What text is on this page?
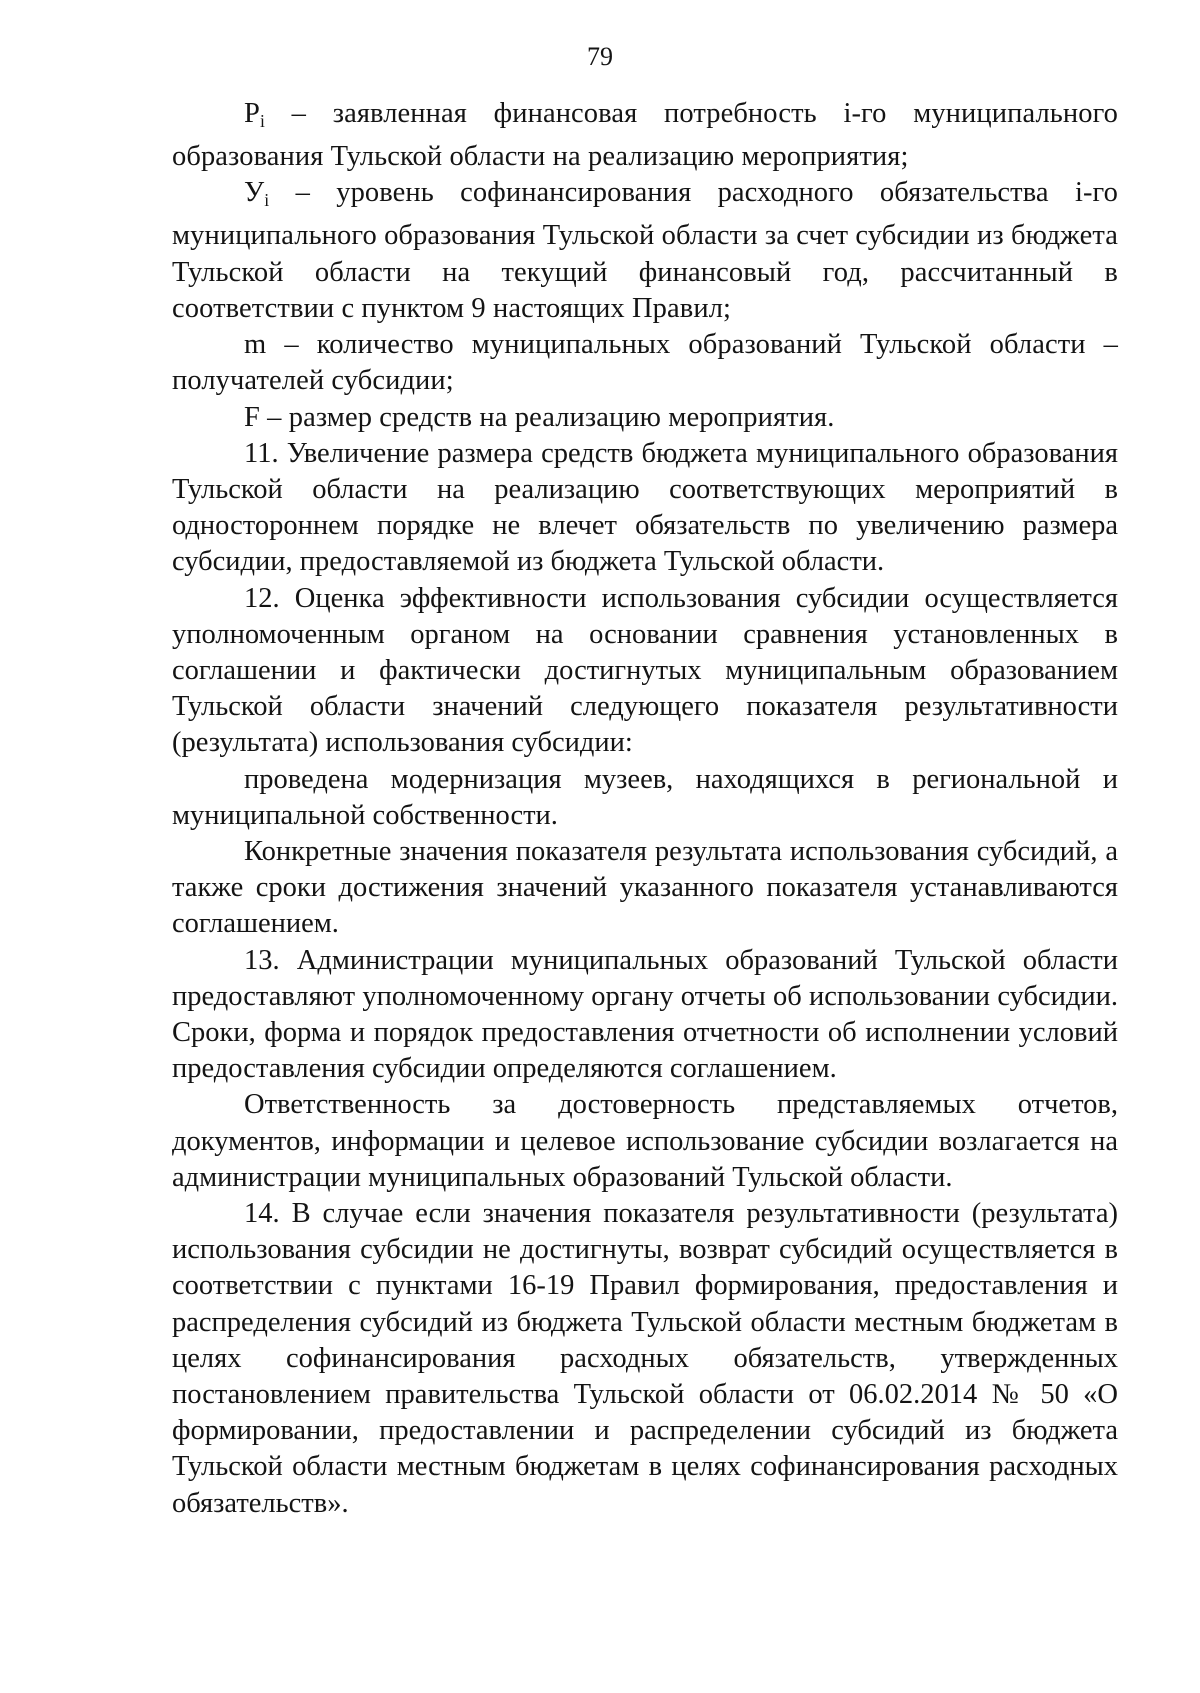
79

$P_i$ – заявленная финансовая потребность i-го муниципального образования Тульской области на реализацию мероприятия;

$У_i$ – уровень софинансирования расходного обязательства i-го муниципального образования Тульской области за счет субсидии из бюджета Тульской области на текущий финансовый год, рассчитанный в соответствии с пунктом 9 настоящих Правил;

m – количество муниципальных образований Тульской области – получателей субсидии;

F – размер средств на реализацию мероприятия.

11. Увеличение размера средств бюджета муниципального образования Тульской области на реализацию соответствующих мероприятий в одностороннем порядке не влечет обязательств по увеличению размера субсидии, предоставляемой из бюджета Тульской области.

12. Оценка эффективности использования субсидии осуществляется уполномоченным органом на основании сравнения установленных в соглашении и фактически достигнутых муниципальным образованием Тульской области значений следующего показателя результативности (результата) использования субсидии:

проведена модернизация музеев, находящихся в региональной и муниципальной собственности.

Конкретные значения показателя результата использования субсидий, а также сроки достижения значений указанного показателя устанавливаются соглашением.

13. Администрации муниципальных образований Тульской области предоставляют уполномоченному органу отчеты об использовании субсидии. Сроки, форма и порядок предоставления отчетности об исполнении условий предоставления субсидии определяются соглашением.

Ответственность за достоверность представляемых отчетов, документов, информации и целевое использование субсидии возлагается на администрации муниципальных образований Тульской области.

14. В случае если значения показателя результативности (результата) использования субсидии не достигнуты, возврат субсидий осуществляется в соответствии с пунктами 16-19 Правил формирования, предоставления и распределения субсидий из бюджета Тульской области местным бюджетам в целях софинансирования расходных обязательств, утвержденных постановлением правительства Тульской области от 06.02.2014 № 50 «О формировании, предоставлении и распределении субсидий из бюджета Тульской области местным бюджетам в целях софинансирования расходных обязательств».
